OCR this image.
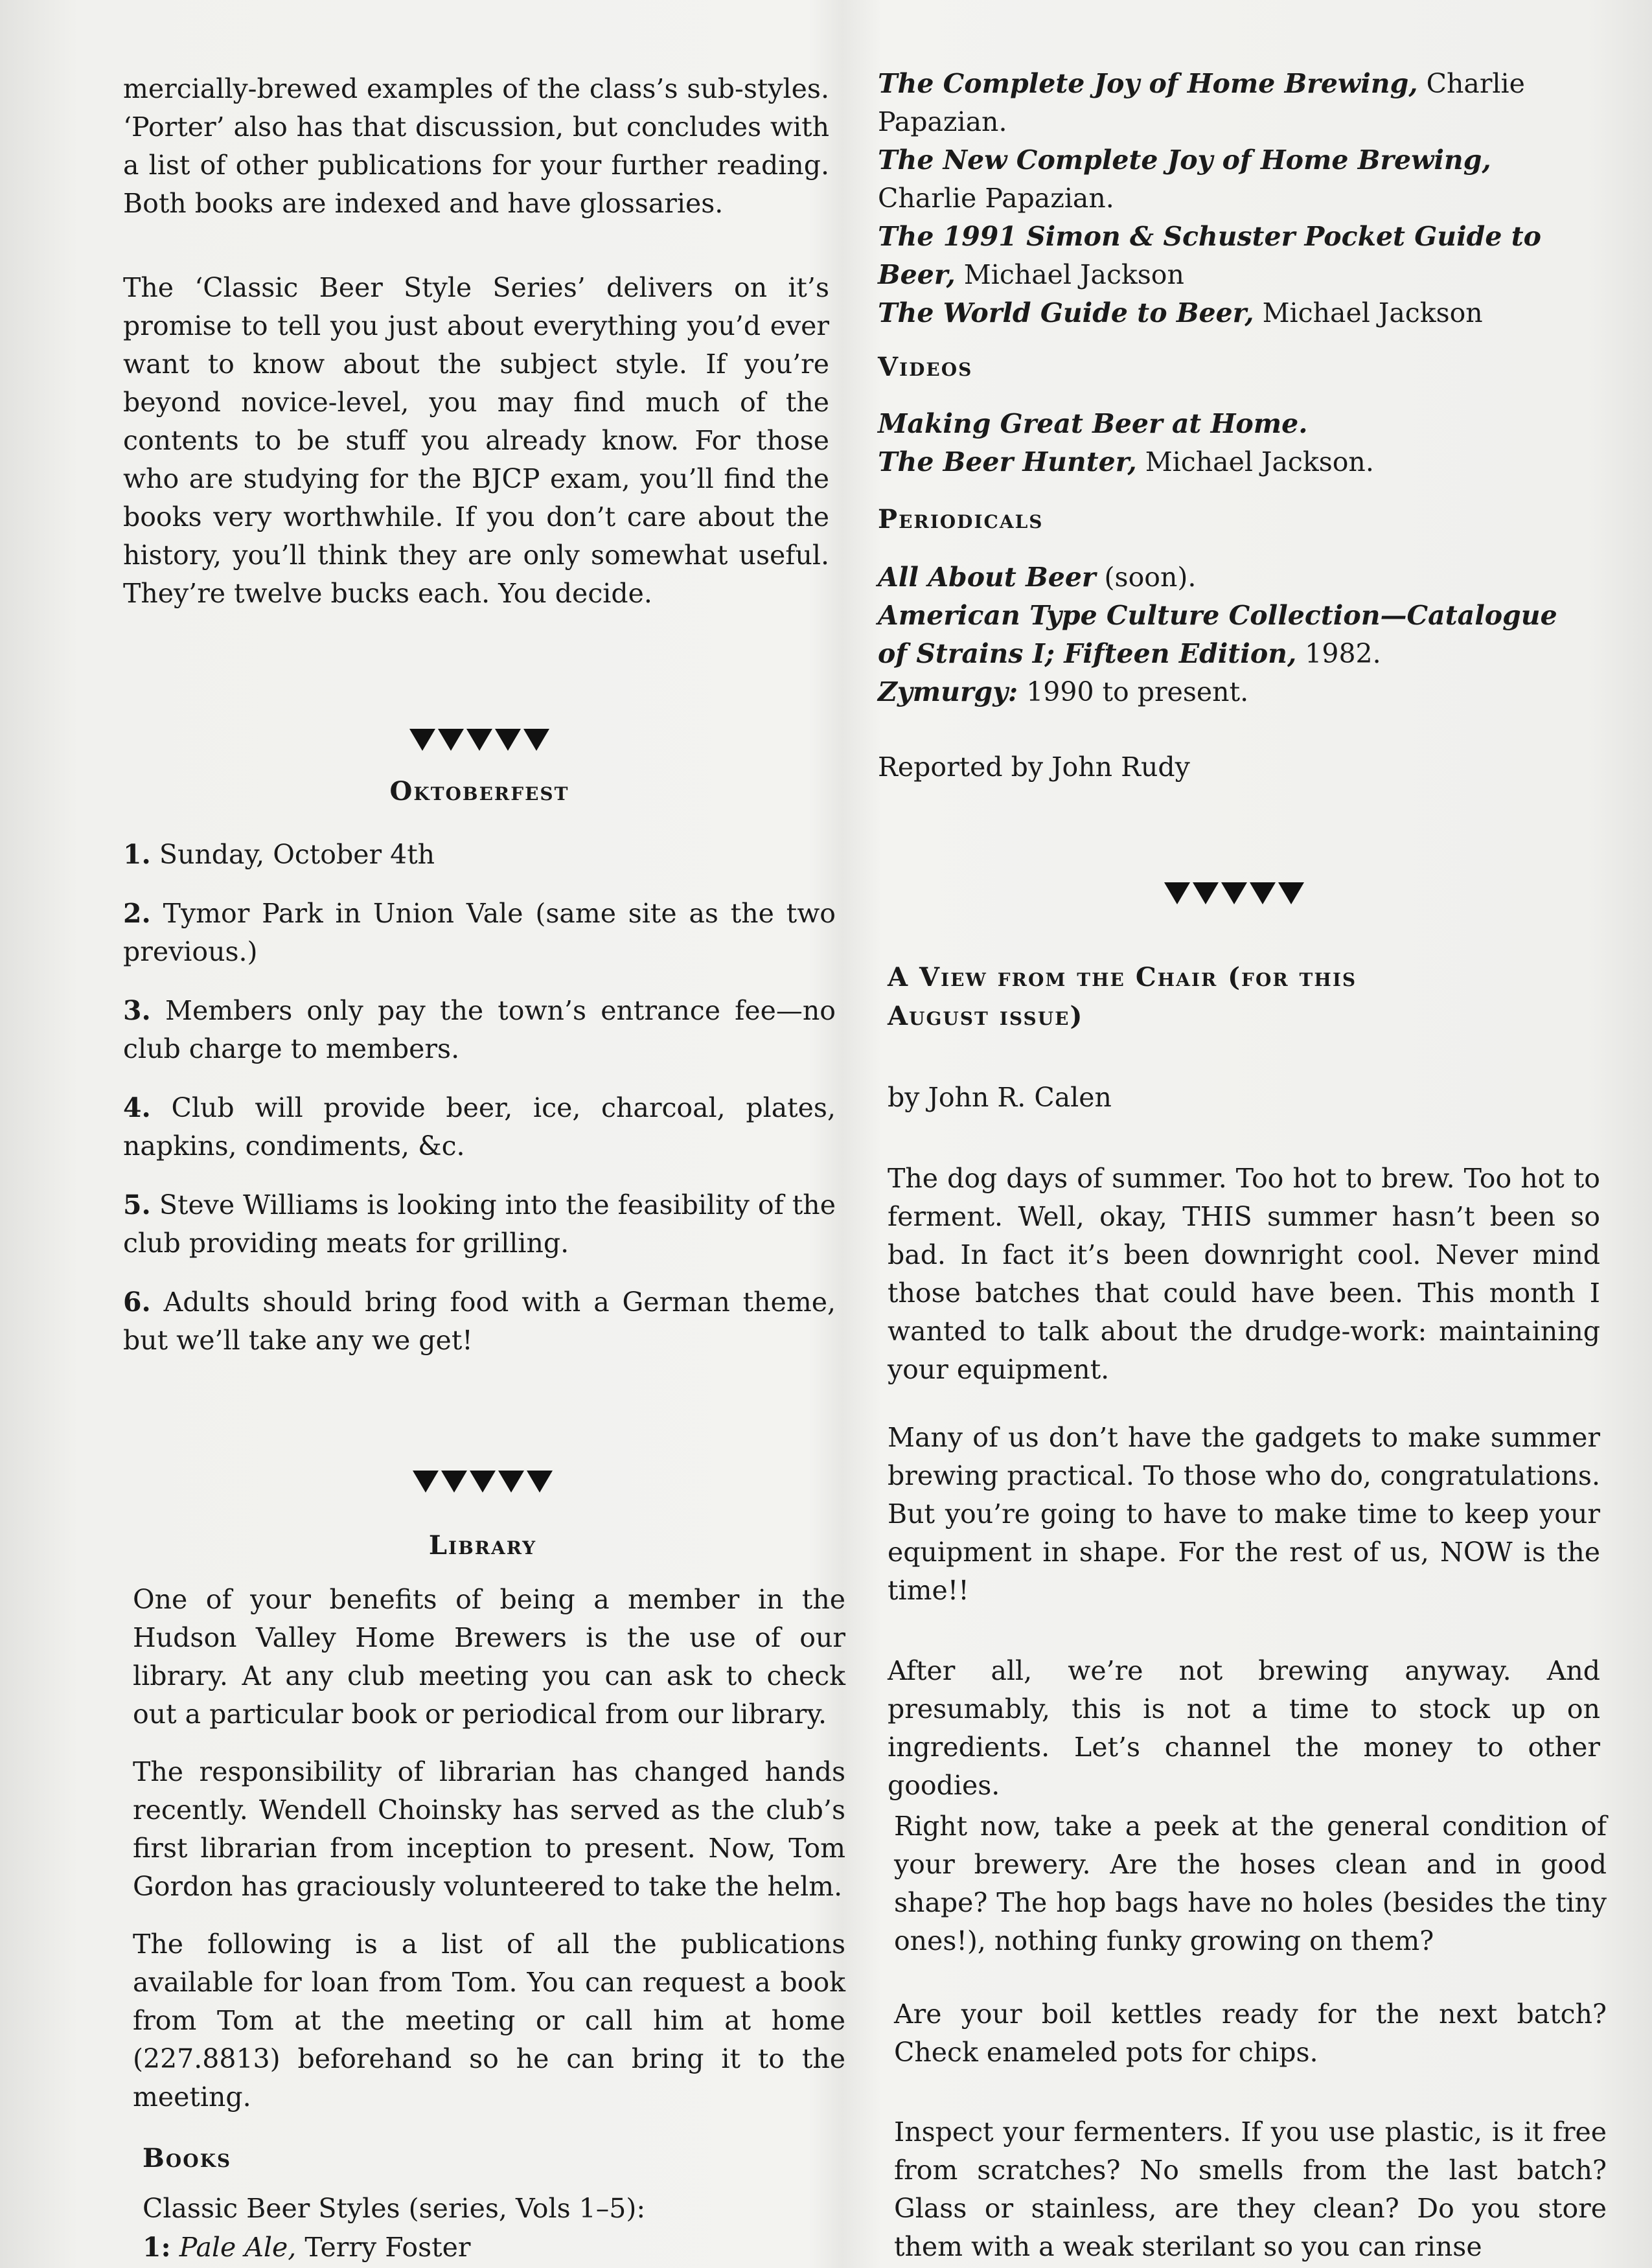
mercially-brewed examples of the class’s sub-styles. ‘Porter’ also has that discussion, but concludes with a list of other publications for your further reading. Both books are indexed and have glossaries.

The ‘Classic Beer Style Series’ delivers on it’s promise to tell you just about everything you’d ever want to know about the subject style. If you’re beyond novice-level, you may find much of the contents to be stuff you already know. For those who are studying for the BJCP exam, you’ll find the books very worthwhile. If you don’t care about the history, you’ll think they are only somewhat useful. They’re twelve bucks each. You decide.

Oktoberfest

1. Sunday, October 4th

2. Tymor Park in Union Vale (same site as the two previous.)

3. Members only pay the town’s entrance fee—no club charge to members.

4. Club will provide beer, ice, charcoal, plates, napkins, condiments, &c.

5. Steve Williams is looking into the feasibility of the club providing meats for grilling.

6. Adults should bring food with a German theme, but we’ll take any we get!

Library

One of your benefits of being a member in the Hudson Valley Home Brewers is the use of our library. At any club meeting you can ask to check out a particular book or periodical from our library.

The responsibility of librarian has changed hands recently. Wendell Choinsky has served as the club’s first librarian from inception to present. Now, Tom Gordon has graciously volunteered to take the helm.

The following is a list of all the publications available for loan from Tom. You can request a book from Tom at the meeting or call him at home (227.8813) beforehand so he can bring it to the meeting.

Books
Classic Beer Styles (series, Vols 1–5):
1: Pale Ale, Terry Foster

The Complete Joy of Home Brewing, Charlie Papazian.

The New Complete Joy of Home Brewing, Charlie Papazian.

The 1991 Simon & Schuster Pocket Guide to Beer, Michael Jackson

The World Guide to Beer, Michael Jackson

Videos

Making Great Beer at Home.

The Beer Hunter, Michael Jackson.

Periodicals

All About Beer (soon).

American Type Culture Collection—Catalogue of Strains I; Fifteen Edition, 1982.

Zymurgy: 1990 to present.

Reported by John Rudy
A View from the Chair (for this
August issue)
by John R. Calen

The dog days of summer. Too hot to brew. Too hot to ferment. Well, okay, THIS summer hasn’t been so bad. In fact it’s been downright cool. Never mind those batches that could have been. This month I wanted to talk about the drudge-work: maintaining your equipment.

Many of us don’t have the gadgets to make summer brewing practical. To those who do, congratulations. But you’re going to have to make time to keep your equipment in shape. For the rest of us, NOW is the time!!

After all, we’re not brewing anyway. And presumably, this is not a time to stock up on ingredients. Let’s channel the money to other goodies.

Right now, take a peek at the general condition of your brewery. Are the hoses clean and in good shape? The hop bags have no holes (besides the tiny ones!), nothing funky growing on them?

Are your boil kettles ready for the next batch? Check enameled pots for chips.

Inspect your fermenters. If you use plastic, is it free from scratches? No smells from the last batch? Glass or stainless, are they clean? Do you store them with a weak sterilant so you can rinse
